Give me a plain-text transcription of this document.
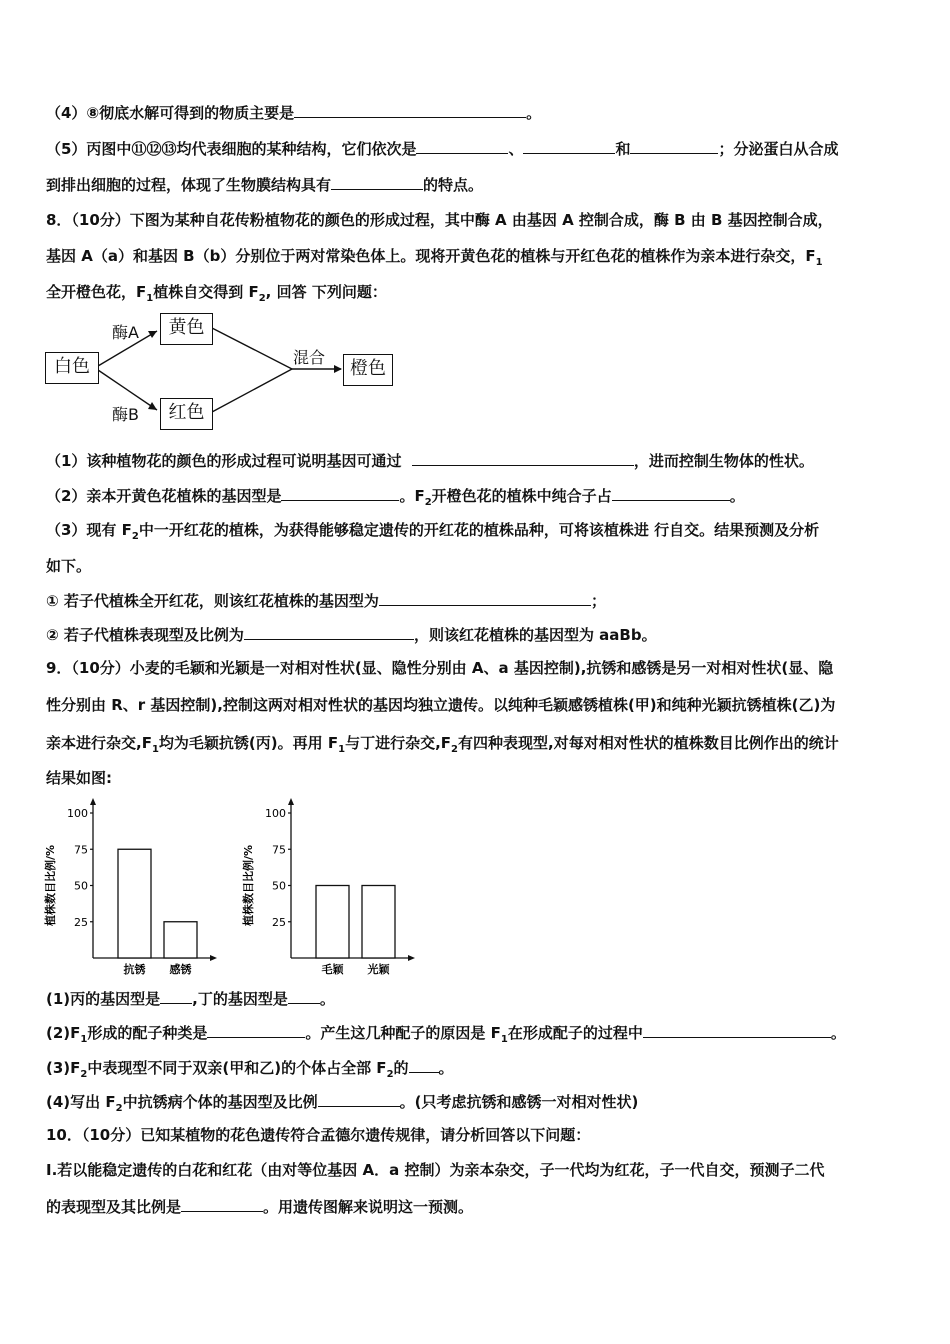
（4）⑧彻底水解可得到的物质主要是	。
（5）丙图中⑪⑫⑬均代表细胞的某种结构，它们依次是	、	和	；分泌蛋白从合成
到排出细胞的过程，体现了生物膜结构具有	的特点。
8．（10分）下图为某种自花传粉植物花的颜色的形成过程，其中酶 A 由基因 A 控制合成，酶 B 由 B 基因控制合成，
基因 A（a）和基因 B（b）分别位于两对常染色体上。现将开黄色花的植株与开红色花的植株作为亲本进行杂交，$F_1$
全开橙色花，$F_1$植株自交得到 $F_2$, 回答 下列问题：
白色
黄色
红色
橙色
酶A
酶B
混合
（1）该种植物花的颜色的形成过程可说明基因可通过	，进而控制生物体的性状。
（2）亲本开黄色花植株的基因型是	。$F_2$开橙色花的植株中纯合子占	。
（3）现有 $F_2$中一开红花的植株，为获得能够稳定遗传的开红花的植株品种，可将该植株进 行自交。结果预测及分析
如下。
① 若子代植株全开红花，则该红花植株的基因型为	；
② 若子代植株表现型及比例为	，则该红花植株的基因型为 aaBb。
9．（10分）小麦的毛颖和光颖是一对相对性状(显、隐性分别由 A、a 基因控制),抗锈和感锈是另一对相对性状(显、隐
性分别由 R、r 基因控制),控制这两对相对性状的基因均独立遗传。以纯种毛颖感锈植株(甲)和纯种光颖抗锈植株(乙)为
亲本进行杂交$,F_1$均为毛颖抗锈(丙)。再用 $F_1$与丁进行杂交$,F_2$有四种表现型,对每对相对性状的植株数目比例作出的统计
结果如图:
25
50
75
100
植株数目比例/%
抗锈 感锈
25
50
75
100
植株数目比例/%
毛颖 光颖
(1)丙的基因型是 ,丁的基因型是 。
$(2)F_1$形成的配子种类是	。产生这几种配子的原因是 $F_1$在形成配子的过程中	。
$(3)F_2$中表现型不同于双亲(甲和乙)的个体占全部 $F_2$的 。
(4)写出 $F_2$中抗锈病个体的基因型及比例	。(只考虑抗锈和感锈一对相对性状)
10．（10分）已知某植物的花色遗传符合孟德尔遗传规律，请分析回答以下问题：
I.若以能稳定遗传的白花和红花（由对等位基因 A．a 控制）为亲本杂交，子一代均为红花，子一代自交，预测子二代
的表现型及其比例是	。用遗传图解来说明这一预测。
